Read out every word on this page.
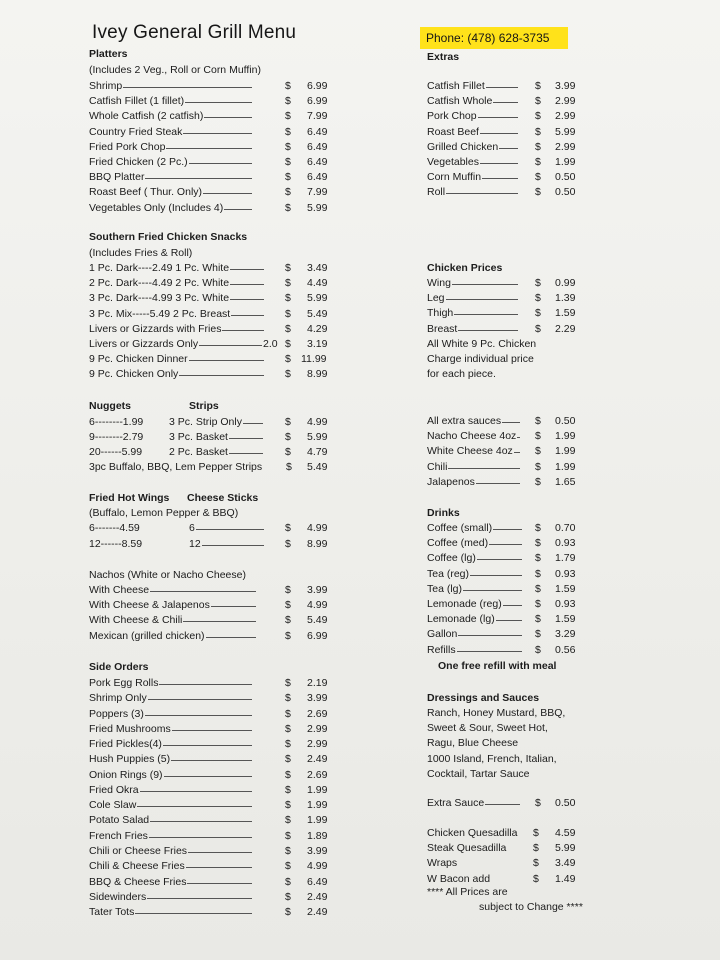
Ivey General Grill Menu	Phone: (478) 628-3735
Platters
(Includes 2 Veg., Roll or Corn Muffin)
Shrimp	$ 6.99
Catfish Fillet (1 fillet)	$ 6.99
Whole Catfish (2 catfish)	$ 7.99
Country Fried Steak	$ 6.49
Fried Pork Chop	$ 6.49
Fried Chicken (2 Pc.)	$ 6.49
BBQ Platter	$ 6.49
Roast Beef ( Thur. Only)	$ 7.99
Vegetables Only (Includes 4)	$ 5.99
Southern Fried Chicken Snacks
(Includes Fries & Roll)
1 Pc. Dark----2.49 1 Pc. White	$ 3.49
2 Pc. Dark----4.49 2 Pc. White	$ 4.49
3 Pc. Dark----4.99 3 Pc. White	$ 5.99
3 Pc. Mix-----5.49 2 Pc. Breast	$ 5.49
Livers or Gizzards with Fries	$ 4.29
Livers or Gizzards Only	2.0 $ 3.19
9 Pc. Chicken Dinner	$ 11.99
9 Pc. Chicken Only	$ 8.99
Nuggets	Strips
6--------1.99 3 Pc. Strip Only	$ 4.99
9--------2.79 3 Pc. Basket	$ 5.99
20------5.99	2 Pc. Basket	$ 4.79
3pc Buffalo, BBQ, Lem Pepper Strips $ 5.49
Fried Hot Wings Cheese Sticks
(Buffalo, Lemon Pepper & BBQ)
6-------4.59	6	$ 4.99
12------8.59	12	$ 8.99
Nachos (White or Nacho Cheese)
With Cheese	$ 3.99
With Cheese & Jalapenos	$ 4.99
With Cheese & Chili	$ 5.49
Mexican (grilled chicken)	$ 6.99
Side Orders
Pork Egg Rolls	$ 2.19
Shrimp Only	$ 3.99
Poppers (3)	$ 2.69
Fried Mushrooms	$ 2.99
Fried Pickles(4)	$ 2.99
Hush Puppies (5)	$ 2.49
Onion Rings (9)	$ 2.69
Fried Okra	$ 1.99
Cole Slaw	$ 1.99
Potato Salad	$ 1.99
French Fries	$ 1.89
Chili or Cheese Fries	$ 3.99
Chili & Cheese Fries	$ 4.99
BBQ & Cheese Fries	$ 6.49
Sidewinders	$ 2.49
Tater Tots	$ 2.49
Extras
Catfish Fillet	$ 3.99
Catfish Whole	$ 2.99
Pork Chop	$ 2.99
Roast Beef	$ 5.99
Grilled Chicken	$ 2.99
Vegetables	$ 1.99
Corn Muffin	$ 0.50
Roll	$ 0.50
Chicken Prices
Wing	$ 0.99
Leg	$ 1.39
Thigh	$ 1.59
Breast	$ 2.29
All White 9 Pc. Chicken
Charge individual price
for each piece.
All extra sauces	$ 0.50
Nacho Cheese 4oz $ 1.99
White Cheese 4oz $ 1.99
Chili	$ 1.99
Jalapenos	$ 1.65
Drinks
Coffee (small)	$ 0.70
Coffee (med)	$ 0.93
Coffee (lg)	$ 1.79
Tea (reg)	$ 0.93
Tea (lg)	$ 1.59
Lemonade (reg)	$ 0.93
Lemonade (lg)	$ 1.59
Gallon	$ 3.29
Refills	$ 0.56
One free refill with meal
Dressings and Sauces
Ranch, Honey Mustard, BBQ,
Sweet & Sour, Sweet Hot,
Ragu, Blue Cheese
1000 Island, French, Italian,
Cocktail, Tartar Sauce
Extra Sauce	$ 0.50
Chicken Quesadilla $ 4.59
Steak Quesadilla	$ 5.99
Wraps	$ 3.49
W Bacon add	$ 1.49
**** All Prices are
subject to Change ****
